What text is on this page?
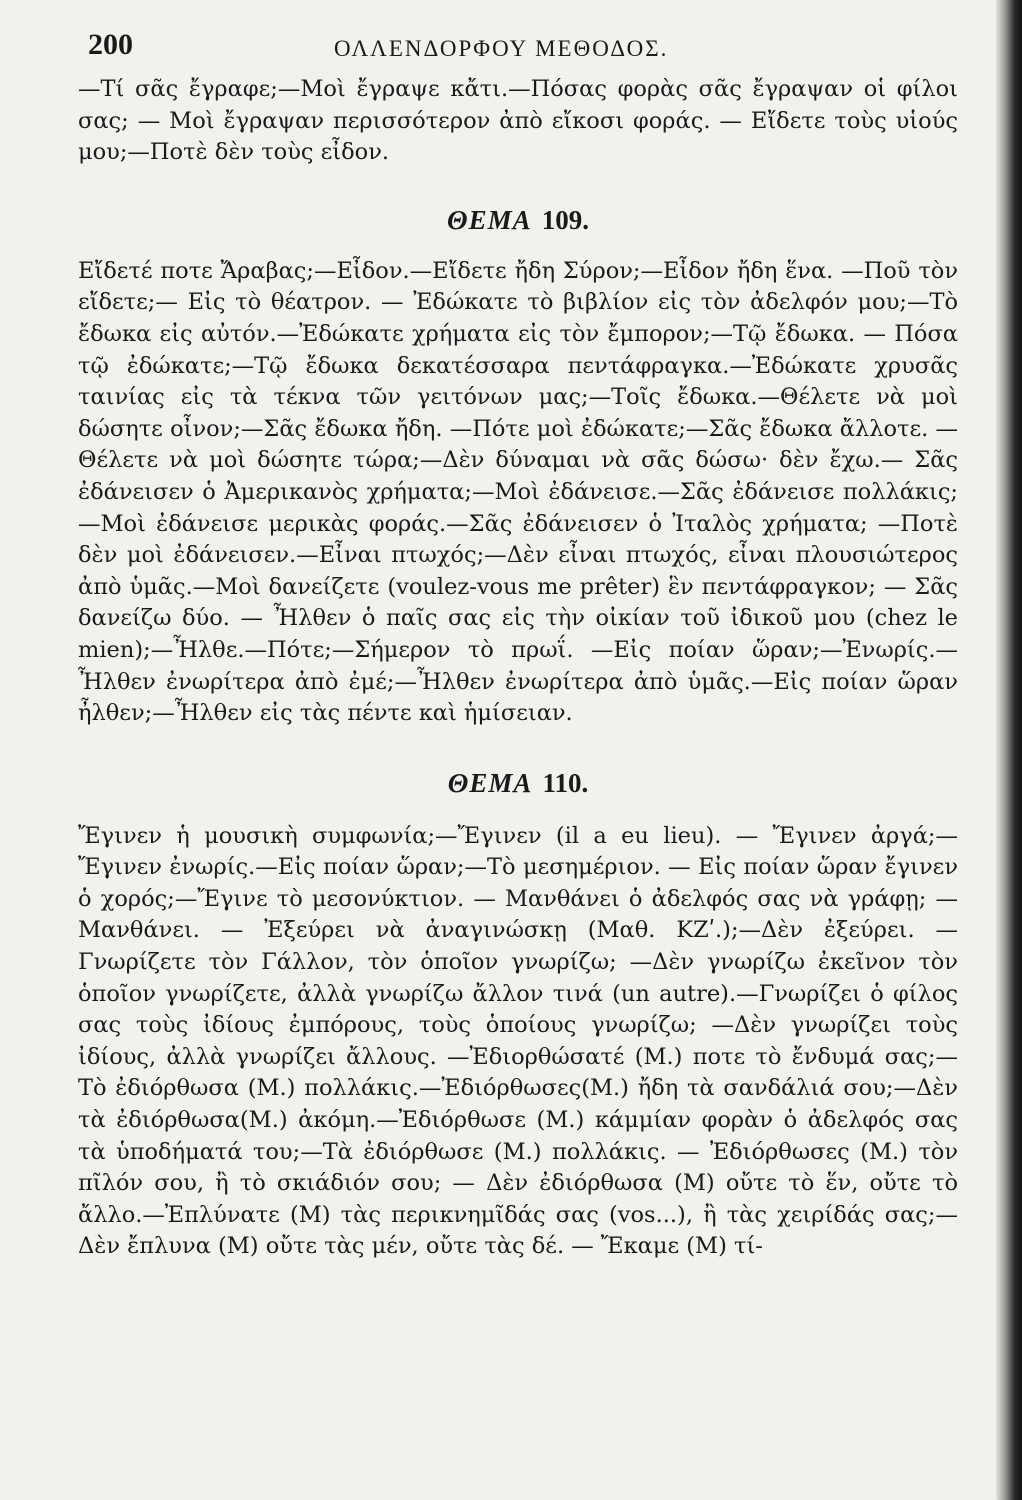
200	ΟΛΛΕΝΔΟΡΦΟΥ ΜΕΘΟΔΟΣ.

—Τί σᾶς ἔγραφε;—Μοὶ ἔγραψε κἄτι.—Πόσας φορὰς σᾶς ἔγραψαν οἱ φίλοι σας; — Μοὶ ἔγραψαν περισσότερον ἀπὸ εἴκοσι φοράς. — Εἴδετε τοὺς υἱούς μου;—Ποτὲ δὲν τοὺς εἶδον.

ΘΕΜΑ 109.

Εἴδετέ ποτε Ἄραβας;—Εἶδον.—Εἴδετε ἤδη Σύρον;—Εἶδον ἤδη ἕνα. —Ποῦ τὸν εἴδετε;— Εἰς τὸ θέατρον. — Ἐδώκατε τὸ βιβλίον εἰς τὸν ἀδελφόν μου;—Τὸ ἔδωκα εἰς αὐτόν.—Ἐδώκατε χρήματα εἰς τὸν ἔμπορον;—Τῷ ἔδωκα. — Πόσα τῷ ἐδώκατε;—Τῷ ἔδωκα δεκατέσσαρα πεντάφραγκα.—Ἐδώκατε χρυσᾶς ταινίας εἰς τὰ τέκνα τῶν γειτόνων μας;—Τοῖς ἔδωκα.—Θέλετε νὰ μοὶ δώσητε οἶνον;—Σᾶς ἔδωκα ἤδη. —Πότε μοὶ ἐδώκατε;—Σᾶς ἔδωκα ἄλλοτε. — Θέλετε νὰ μοὶ δώσητε τώρα;—Δὲν δύναμαι νὰ σᾶς δώσω· δὲν ἔχω.— Σᾶς ἐδάνεισεν ὁ Ἀμερικανὸς χρήματα;—Μοὶ ἐδάνεισε.—Σᾶς ἐδάνεισε πολλάκις;—Μοὶ ἐδάνεισε μερικὰς φοράς.—Σᾶς ἐδάνεισεν ὁ Ἰταλὸς χρήματα; —Ποτὲ δὲν μοὶ ἐδάνεισεν.—Εἶναι πτωχός;—Δὲν εἶναι πτωχός, εἶναι πλουσιώτερος ἀπὸ ὑμᾶς.—Μοὶ δανείζετε (voulez-vous me prêter) ἓν πεντάφραγκον; — Σᾶς δανείζω δύο. — Ἦλθεν ὁ παῖς σας εἰς τὴν οἰκίαν τοῦ ἰδικοῦ μου (chez le mien);—Ἦλθε.—Πότε;—Σήμερον τὸ πρωΐ. —Εἰς ποίαν ὥραν;—Ἐνωρίς.—Ἦλθεν ἐνωρίτερα ἀπὸ ἐμέ;—Ἦλθεν ἐνωρίτερα ἀπὸ ὑμᾶς.—Εἰς ποίαν ὥραν ἦλθεν;—Ἦλθεν εἰς τὰς πέντε καὶ ἡμίσειαν.

ΘΕΜΑ 110.

Ἔγινεν ἡ μουσικὴ συμφωνία;—Ἔγινεν (il a eu lieu). — Ἔγινεν ἀργά;—Ἔγινεν ἐνωρίς.—Εἰς ποίαν ὥραν;—Τὸ μεσημέριον. — Εἰς ποίαν ὥραν ἔγινεν ὁ χορός;—Ἔγινε τὸ μεσονύκτιον. — Μανθάνει ὁ ἀδελφός σας νὰ γράφῃ; — Μανθάνει. — Ἐξεύρει νὰ ἀναγινώσκῃ (Μαθ. ΚΖʹ.);—Δὲν ἐξεύρει. — Γνωρίζετε τὸν Γάλλον, τὸν ὁποῖον γνωρίζω; —Δὲν γνωρίζω ἐκεῖνον τὸν ὁποῖον γνωρίζετε, ἀλλὰ γνωρίζω ἄλλον τινά (un autre).—Γνωρίζει ὁ φίλος σας τοὺς ἰδίους ἐμπόρους, τοὺς ὁποίους γνωρίζω; —Δὲν γνωρίζει τοὺς ἰδίους, ἀλλὰ γνωρίζει ἄλλους. —Ἐδιορθώσατέ (Μ.) ποτε τὸ ἔνδυμά σας;—Τὸ ἐδιόρθωσα (Μ.) πολλάκις.—Ἐδιόρθωσες(Μ.) ἤδη τὰ σανδάλιά σου;—Δὲν τὰ ἐδιόρθωσα(Μ.) ἀκόμη.—Ἐδιόρθωσε (Μ.) κάμμίαν φορὰν ὁ ἀδελφός σας τὰ ὑποδήματά του;—Τὰ ἐδιόρθωσε (Μ.) πολλάκις. — Ἐδιόρθωσες (Μ.) τὸν πῖλόν σου, ἢ τὸ σκιάδιόν σου; — Δὲν ἐδιόρθωσα (Μ) οὔτε τὸ ἕν, οὔτε τὸ ἄλλο.—Ἐπλύνατε (Μ) τὰς περικνημῖδάς σας (vos...), ἢ τὰς χειρίδάς σας;—Δὲν ἔπλυνα (Μ) οὔτε τὰς μέν, οὔτε τὰς δέ. — Ἔκαμε (Μ) τί-
